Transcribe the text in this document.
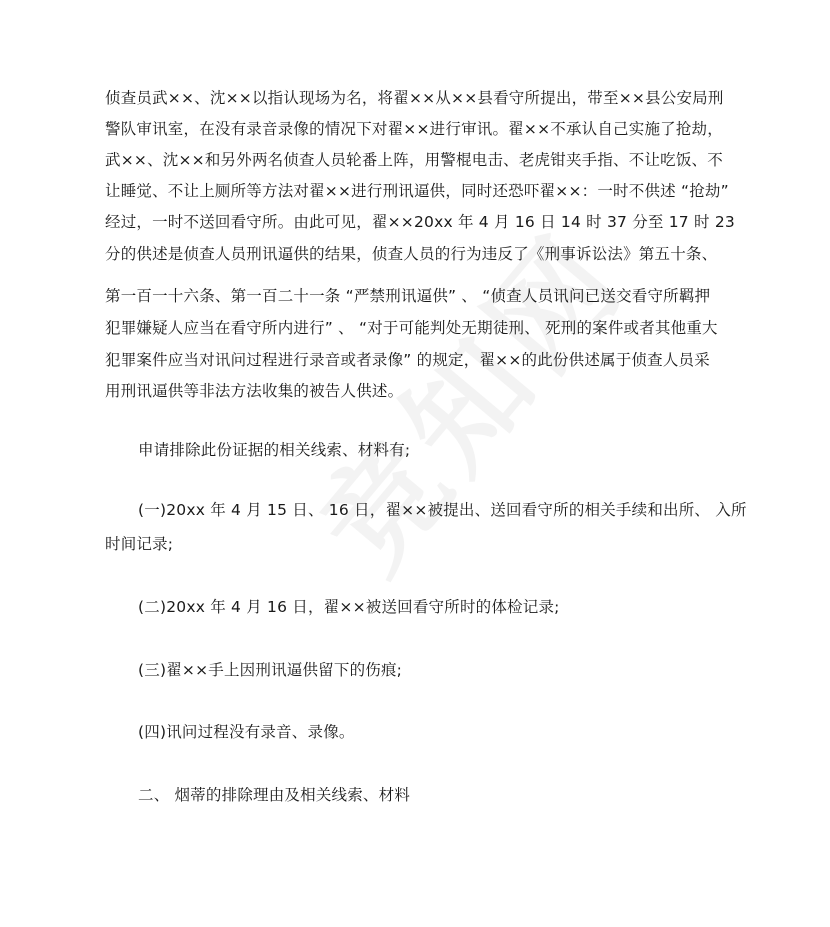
侦查员武××、沈××以指认现场为名，将翟××从××县看守所提出，带至××县公安局刑
警队审讯室，在没有录音录像的情况下对翟××进行审讯。翟××不承认自己实施了抢劫，
武××、沈××和另外两名侦查人员轮番上阵，用警棍电击、老虎钳夹手指、不让吃饭、不
让睡觉、不让上厕所等方法对翟××进行刑讯逼供，同时还恐吓翟××：一时不供述 “抢劫”
经过，一时不送回看守所。由此可见，翟××20xx 年 4 月 16 日 14 时 37 分至 17 时 23
分的供述是侦查人员刑讯逼供的结果，侦查人员的行为违反了《刑事诉讼法》第五十条、
第一百一十六条、第一百二十一条 “严禁刑讯逼供” 、 “侦查人员讯问已送交看守所羁押
犯罪嫌疑人应当在看守所内进行” 、 “对于可能判处无期徒刑、 死刑的案件或者其他重大
犯罪案件应当对讯问过程进行录音或者录像” 的规定，翟××的此份供述属于侦查人员采
用刑讯逼供等非法方法收集的被告人供述。
申请排除此份证据的相关线索、材料有;
(一)20xx 年 4 月 15 日、 16 日，翟××被提出、送回看守所的相关手续和出所、 入所
时间记录;
(二)20xx 年 4 月 16 日，翟××被送回看守所时的体检记录;
(三)翟××手上因刑讯逼供留下的伤痕;
(四)讯问过程没有录音、录像。
二、 烟蒂的排除理由及相关线索、材料
